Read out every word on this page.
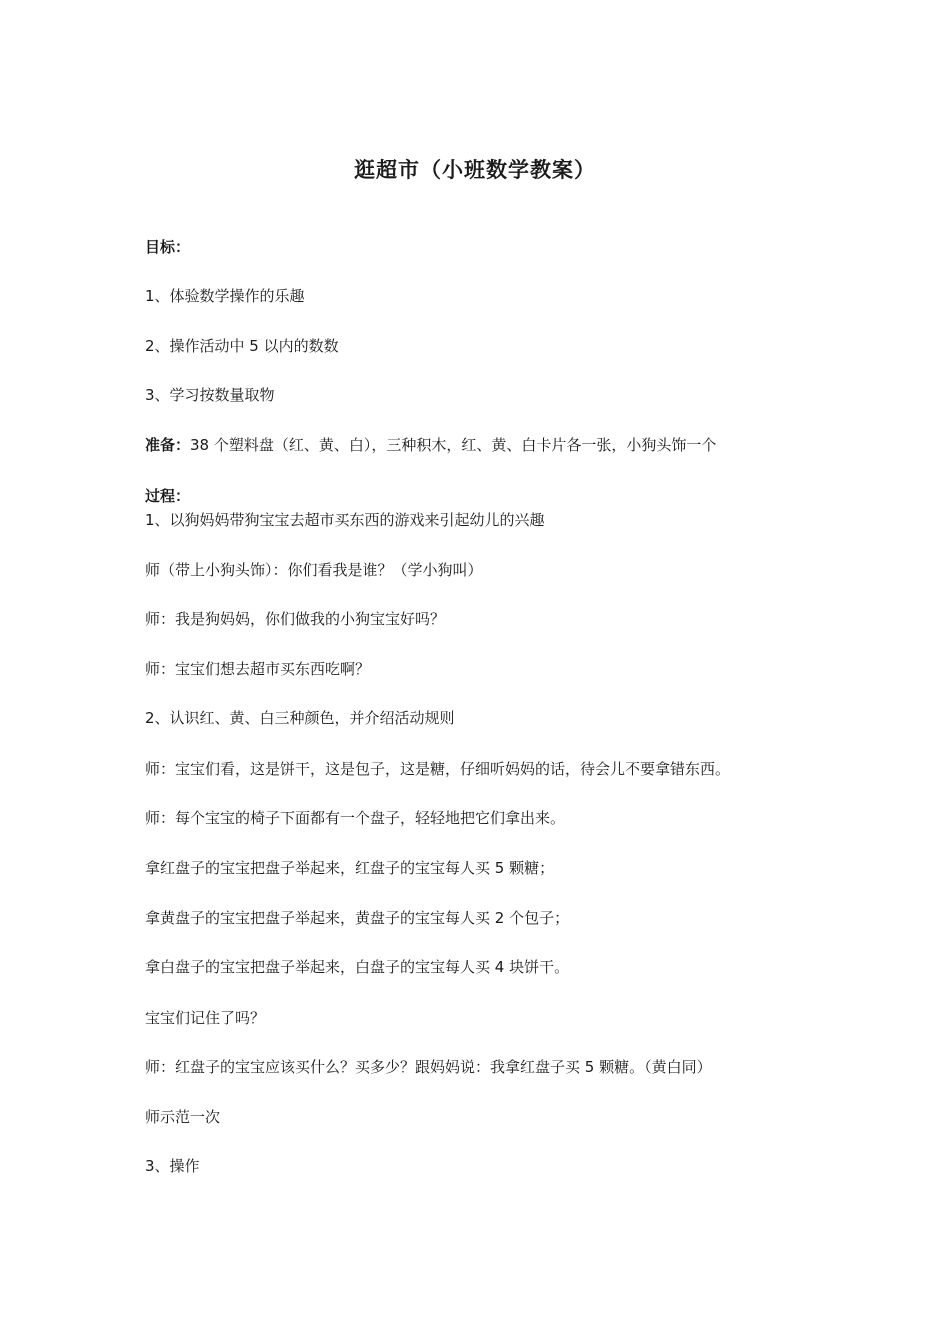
逛超市（小班数学教案）
目标：
1、体验数学操作的乐趣
2、操作活动中 5 以内的数数
3、学习按数量取物
准备：38 个塑料盘（红、黄、白），三种积木，红、黄、白卡片各一张，小狗头饰一个
过程：
1、以狗妈妈带狗宝宝去超市买东西的游戏来引起幼儿的兴趣
师（带上小狗头饰）：你们看我是谁？（学小狗叫）
师：我是狗妈妈，你们做我的小狗宝宝好吗？
师：宝宝们想去超市买东西吃啊？
2、认识红、黄、白三种颜色，并介绍活动规则
师：宝宝们看，这是饼干，这是包子，这是糖，仔细听妈妈的话，待会儿不要拿错东西。
师：每个宝宝的椅子下面都有一个盘子，轻轻地把它们拿出来。
拿红盘子的宝宝把盘子举起来，红盘子的宝宝每人买 5 颗糖；
拿黄盘子的宝宝把盘子举起来，黄盘子的宝宝每人买 2 个包子；
拿白盘子的宝宝把盘子举起来，白盘子的宝宝每人买 4 块饼干。
宝宝们记住了吗？
师：红盘子的宝宝应该买什么？买多少？跟妈妈说：我拿红盘子买 5 颗糖。（黄白同）
师示范一次
3、操作
